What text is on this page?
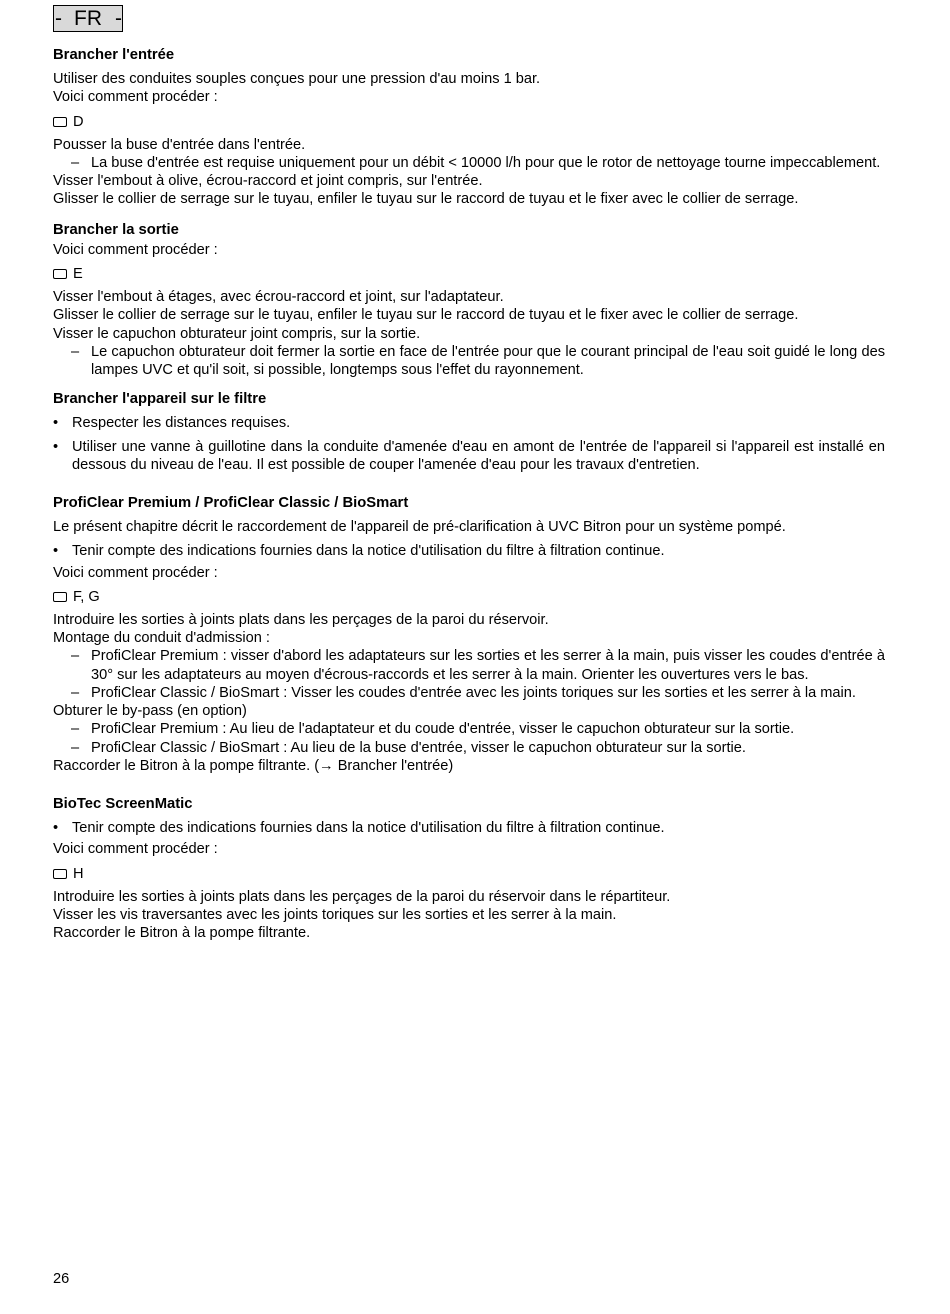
- FR -
Brancher l'entrée

Utiliser des conduites souples conçues pour une pression d'au moins 1 bar.

Voici comment procéder :

D

Pousser la buse d'entrée dans l'entrée.

– La buse d'entrée est requise uniquement pour un débit < 10000 l/h pour que le rotor de nettoyage tourne impeccablement.

Visser l'embout à olive, écrou-raccord et joint compris, sur l'entrée.

Glisser le collier de serrage sur le tuyau, enfiler le tuyau sur le raccord de tuyau et le fixer avec le collier de serrage.

Brancher la sortie

Voici comment procéder :

E

Visser l'embout à étages, avec écrou-raccord et joint, sur l'adaptateur.

Glisser le collier de serrage sur le tuyau, enfiler le tuyau sur le raccord de tuyau et le fixer avec le collier de serrage.

Visser le capuchon obturateur joint compris, sur la sortie.

– Le capuchon obturateur doit fermer la sortie en face de l'entrée pour que le courant principal de l'eau soit guidé le long des lampes UVC et qu'il soit, si possible, longtemps sous l'effet du rayonnement.

Brancher l'appareil sur le filtre

• Respecter les distances requises.

• Utiliser une vanne à guillotine dans la conduite d'amenée d'eau en amont de l'entrée de l'appareil si l'appareil est installé en dessous du niveau de l'eau. Il est possible de couper l'amenée d'eau pour les travaux d'entretien.

ProfiClear Premium / ProfiClear Classic / BioSmart

Le présent chapitre décrit le raccordement de l'appareil de pré-clarification à UVC Bitron pour un système pompé.

• Tenir compte des indications fournies dans la notice d'utilisation du filtre à filtration continue.

Voici comment procéder :

F, G

Introduire les sorties à joints plats dans les perçages de la paroi du réservoir.

Montage du conduit d'admission :

– ProfiClear Premium : visser d'abord les adaptateurs sur les sorties et les serrer à la main, puis visser les coudes d'entrée à 30° sur les adaptateurs au moyen d'écrous-raccords et les serrer à la main. Orienter les ouvertures vers le bas.

– ProfiClear Classic / BioSmart : Visser les coudes d'entrée avec les joints toriques sur les sorties et les serrer à la main.

Obturer le by-pass (en option)

– ProfiClear Premium : Au lieu de l'adaptateur et du coude d'entrée, visser le capuchon obturateur sur la sortie.

– ProfiClear Classic / BioSmart : Au lieu de la buse d'entrée, visser le capuchon obturateur sur la sortie.

Raccorder le Bitron à la pompe filtrante. (→ Brancher l'entrée)

BioTec ScreenMatic

• Tenir compte des indications fournies dans la notice d'utilisation du filtre à filtration continue.

Voici comment procéder :

H

Introduire les sorties à joints plats dans les perçages de la paroi du réservoir dans le répartiteur.

Visser les vis traversantes avec les joints toriques sur les sorties et les serrer à la main.

Raccorder le Bitron à la pompe filtrante.

26
